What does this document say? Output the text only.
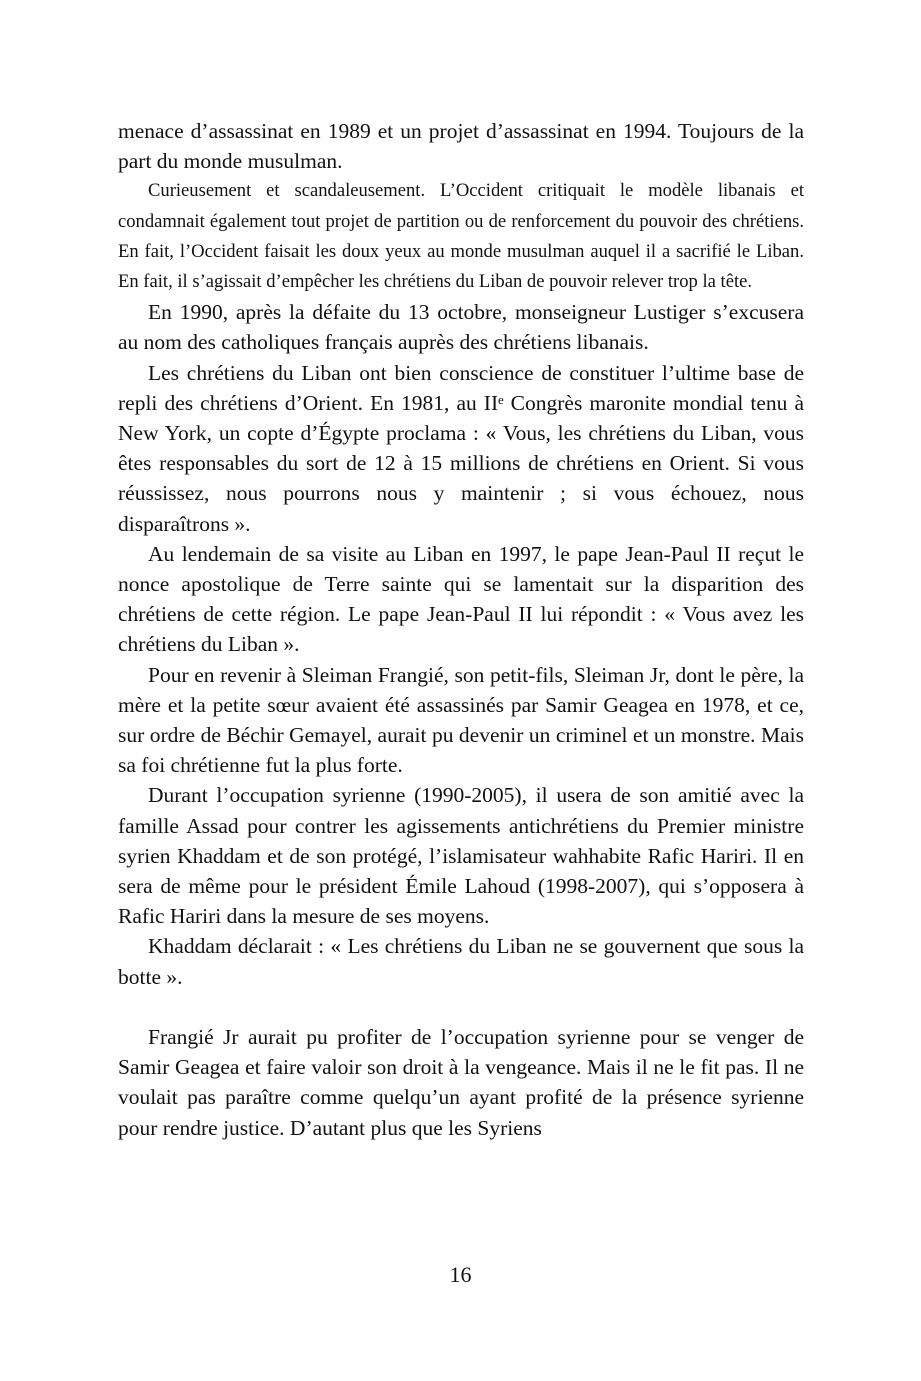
menace d’assassinat en 1989 et un projet d’assassinat en 1994. Toujours de la part du monde musulman.

Curieusement et scandaleusement. L’Occident critiquait le modèle libanais et condamnait également tout projet de partition ou de renforcement du pouvoir des chrétiens. En fait, l’Occident faisait les doux yeux au monde musulman auquel il a sacrifié le Liban. En fait, il s’agissait d’empêcher les chrétiens du Liban de pouvoir relever trop la tête.

En 1990, après la défaite du 13 octobre, monseigneur Lustiger s’excusera au nom des catholiques français auprès des chrétiens libanais.

Les chrétiens du Liban ont bien conscience de constituer l’ultime base de repli des chrétiens d’Orient. En 1981, au IIᵉ Congrès maronite mondial tenu à New York, un copte d’Égypte proclama : « Vous, les chrétiens du Liban, vous êtes responsables du sort de 12 à 15 millions de chrétiens en Orient. Si vous réussissez, nous pourrons nous y maintenir ; si vous échouez, nous disparaîtrons ».

Au lendemain de sa visite au Liban en 1997, le pape Jean-Paul II reçut le nonce apostolique de Terre sainte qui se lamentait sur la disparition des chrétiens de cette région. Le pape Jean-Paul II lui répondit : « Vous avez les chrétiens du Liban ».

Pour en revenir à Sleiman Frangié, son petit-fils, Sleiman Jr, dont le père, la mère et la petite sœur avaient été assassinés par Samir Geagea en 1978, et ce, sur ordre de Béchir Gemayel, aurait pu devenir un criminel et un monstre. Mais sa foi chrétienne fut la plus forte.

Durant l’occupation syrienne (1990-2005), il usera de son amitié avec la famille Assad pour contrer les agissements antichrétiens du Premier ministre syrien Khaddam et de son protégé, l’islamisateur wahhabite Rafic Hariri. Il en sera de même pour le président Émile Lahoud (1998-2007), qui s’opposera à Rafic Hariri dans la mesure de ses moyens.

Khaddam déclarait : « Les chrétiens du Liban ne se gouvernent que sous la botte ».

Frangié Jr aurait pu profiter de l’occupation syrienne pour se venger de Samir Geagea et faire valoir son droit à la vengeance. Mais il ne le fit pas. Il ne voulait pas paraître comme quelqu’un ayant profité de la présence syrienne pour rendre justice. D’autant plus que les Syriens

16
